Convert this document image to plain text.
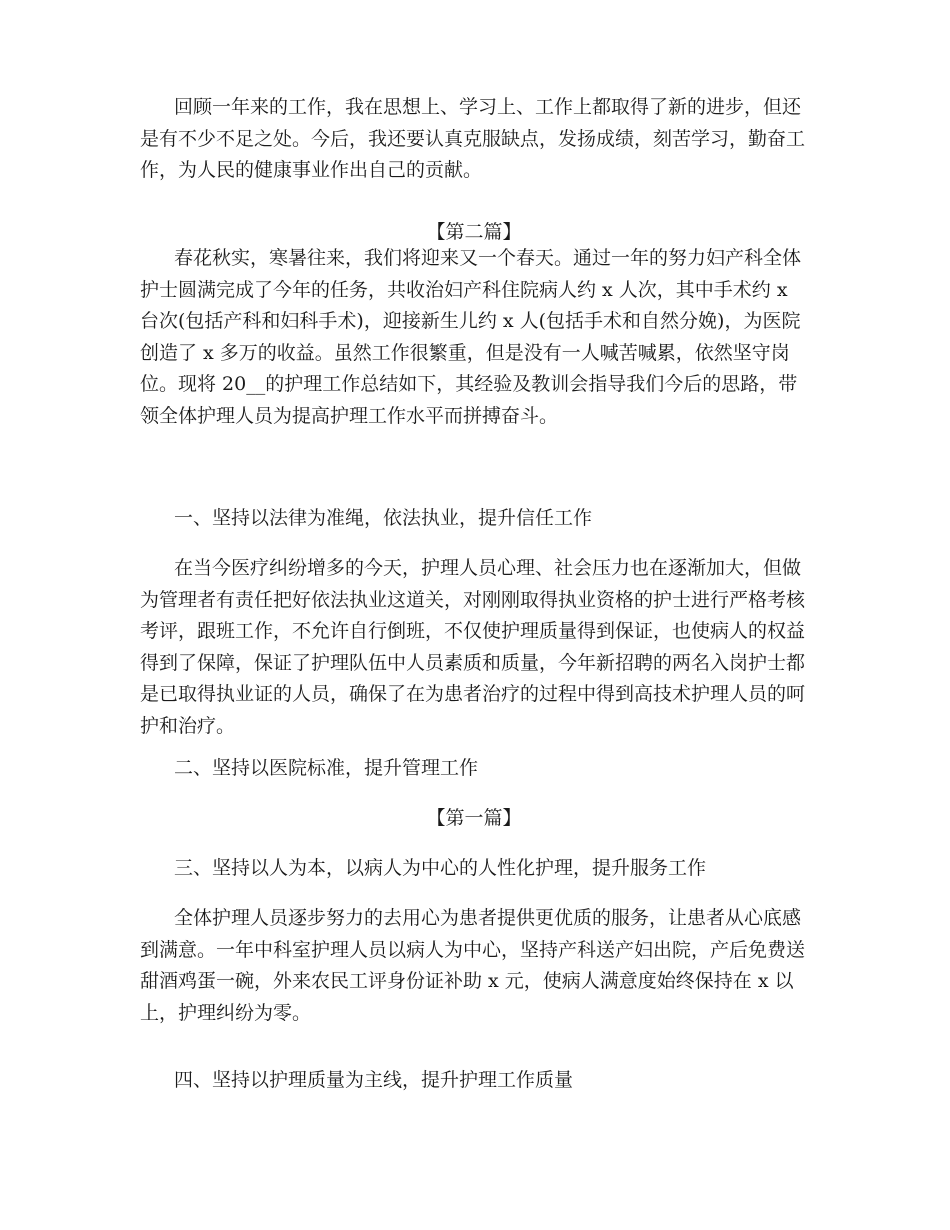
回顾一年来的工作，我在思想上、学习上、工作上都取得了新的进步，但还是有不少不足之处。今后，我还要认真克服缺点，发扬成绩，刻苦学习，勤奋工作，为人民的健康事业作出自己的贡献。

【第二篇】

春花秋实，寒暑往来，我们将迎来又一个春天。通过一年的努力妇产科全体护士圆满完成了今年的任务，共收治妇产科住院病人约 x 人次，其中手术约 x 台次(包括产科和妇科手术)，迎接新生儿约 x 人(包括手术和自然分娩)，为医院创造了 x 多万的收益。虽然工作很繁重，但是没有一人喊苦喊累，依然坚守岗位。现将 20__的护理工作总结如下，其经验及教训会指导我们今后的思路，带领全体护理人员为提高护理工作水平而拼搏奋斗。

一、坚持以法律为准绳，依法执业，提升信任工作

在当今医疗纠纷增多的今天，护理人员心理、社会压力也在逐渐加大，但做为管理者有责任把好依法执业这道关，对刚刚取得执业资格的护士进行严格考核考评，跟班工作，不允许自行倒班，不仅使护理质量得到保证，也使病人的权益得到了保障，保证了护理队伍中人员素质和质量，今年新招聘的两名入岗护士都是已取得执业证的人员，确保了在为患者治疗的过程中得到高技术护理人员的呵护和治疗。

二、坚持以医院标准，提升管理工作

【第一篇】

三、坚持以人为本，以病人为中心的人性化护理，提升服务工作

全体护理人员逐步努力的去用心为患者提供更优质的服务，让患者从心底感到满意。一年中科室护理人员以病人为中心，坚持产科送产妇出院，产后免费送甜酒鸡蛋一碗，外来农民工评身份证补助 x 元，使病人满意度始终保持在 x 以上，护理纠纷为零。

四、坚持以护理质量为主线，提升护理工作质量
